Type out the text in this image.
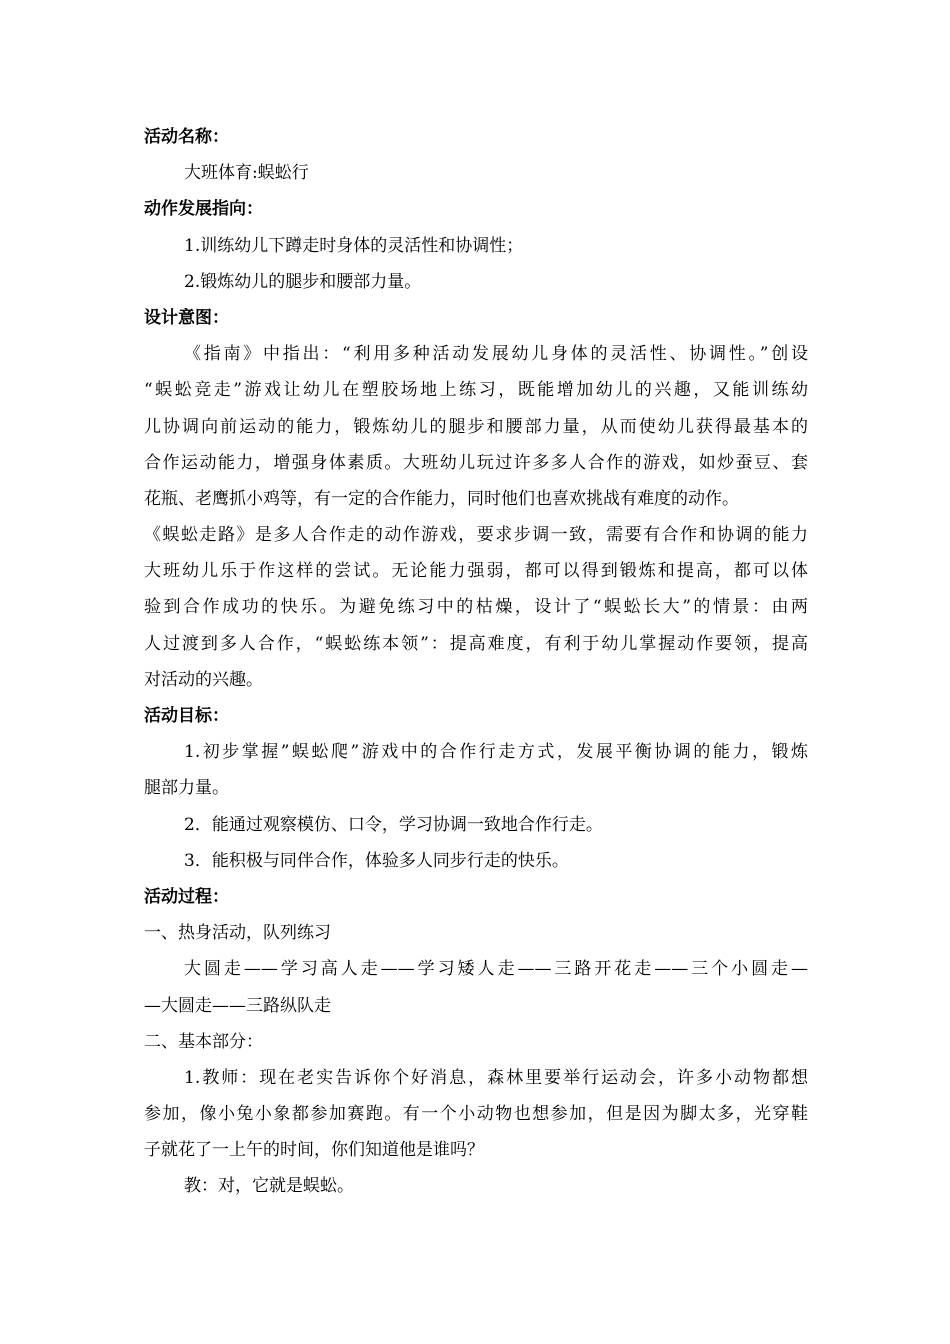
活动名称：
大班体育:蜈蚣行
动作发展指向：
1.训练幼儿下蹲走时身体的灵活性和协调性；
2.锻炼幼儿的腿步和腰部力量。
设计意图：
《指南》中指出：“利用多种活动发展幼儿身体的灵活性、协调性。”创设
“蜈蚣竞走”游戏让幼儿在塑胶场地上练习，既能增加幼儿的兴趣，又能训练幼
儿协调向前运动的能力，锻炼幼儿的腿步和腰部力量，从而使幼儿获得最基本的
合作运动能力，增强身体素质。大班幼儿玩过许多多人合作的游戏，如炒蚕豆、套
花瓶、老鹰抓小鸡等，有一定的合作能力，同时他们也喜欢挑战有难度的动作。
《蜈蚣走路》是多人合作走的动作游戏，要求步调一致，需要有合作和协调的能力
大班幼儿乐于作这样的尝试。无论能力强弱，都可以得到锻炼和提高，都可以体
验到合作成功的快乐。为避免练习中的枯燥，设计了“蜈蚣长大”的情景：由两
人过渡到多人合作，“蜈蚣练本领”：提高难度，有利于幼儿掌握动作要领，提高
对活动的兴趣。
活动目标：
1.初步掌握”蜈蚣爬”游戏中的合作行走方式，发展平衡协调的能力，锻炼
腿部力量。
2．能通过观察模仿、口令，学习协调一致地合作行走。
3．能积极与同伴合作，体验多人同步行走的快乐。
活动过程：
一、热身活动，队列练习
大圆走——学习高人走——学习矮人走——三路开花走——三个小圆走—
—大圆走——三路纵队走
二、基本部分：
1.教师：现在老实告诉你个好消息，森林里要举行运动会，许多小动物都想
参加，像小兔小象都参加赛跑。有一个小动物也想参加，但是因为脚太多，光穿鞋
子就花了一上午的时间，你们知道他是谁吗？
教：对，它就是蜈蚣。
